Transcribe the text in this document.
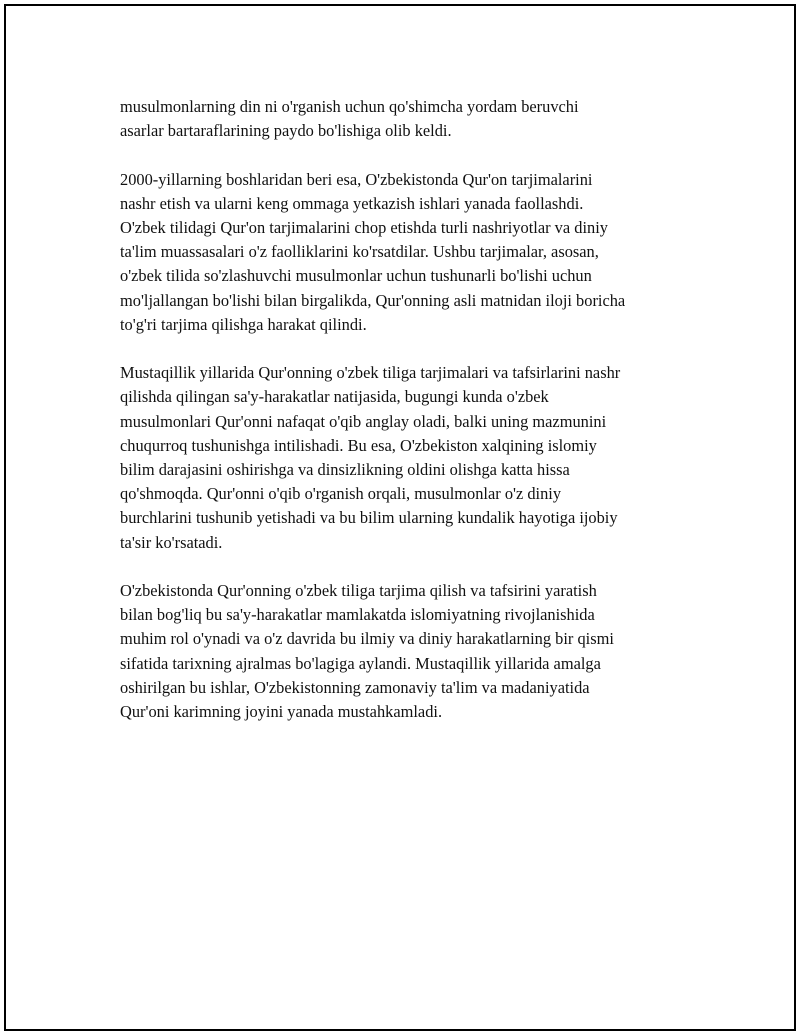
musulmonlarning din ni o'rganish uchun qo'shimcha yordam beruvchi
asarlar bartaraflarining paydo bo'lishiga olib keldi.

2000-yillarning boshlaridan beri esa, O'zbekistonda Qur'on tarjimalarini
nashr etish va ularni keng ommaga yetkazish ishlari yanada faollashdi.
O'zbek tilidagi Qur'on tarjimalarini chop etishda turli nashriyotlar va diniy
ta'lim muassasalari o'z faolliklarini ko'rsatdilar. Ushbu tarjimalar, asosan,
o'zbek tilida so'zlashuvchi musulmonlar uchun tushunarli bo'lishi uchun
mo'ljallangan bo'lishi bilan birgalikda, Qur'onning asli matnidan iloji boricha
to'g'ri tarjima qilishga harakat qilindi.

Mustaqillik yillarida Qur'onning o'zbek tiliga tarjimalari va tafsirlarini nashr
qilishda qilingan sa'y-harakatlar natijasida, bugungi kunda o'zbek
musulmonlari Qur'onni nafaqat o'qib anglay oladi, balki uning mazmunini
chuqurroq tushunishga intilishadi. Bu esa, O'zbekiston xalqining islomiy
bilim darajasini oshirishga va dinsizlikning oldini olishga katta hissa
qo'shmoqda. Qur'onni o'qib o'rganish orqali, musulmonlar o'z diniy
burchlarini tushunib yetishadi va bu bilim ularning kundalik hayotiga ijobiy
ta'sir ko'rsatadi.

O'zbekistonda Qur'onning o'zbek tiliga tarjima qilish va tafsirini yaratish
bilan bog'liq bu sa'y-harakatlar mamlakatda islomiyatning rivojlanishida
muhim rol o'ynadi va o'z davrida bu ilmiy va diniy harakatlarning bir qismi
sifatida tarixning ajralmas bo'lagiga aylandi. Mustaqillik yillarida amalga
oshirilgan bu ishlar, O'zbekistonning zamonaviy ta'lim va madaniyatida
Qur'oni karimning joyini yanada mustahkamladi.
